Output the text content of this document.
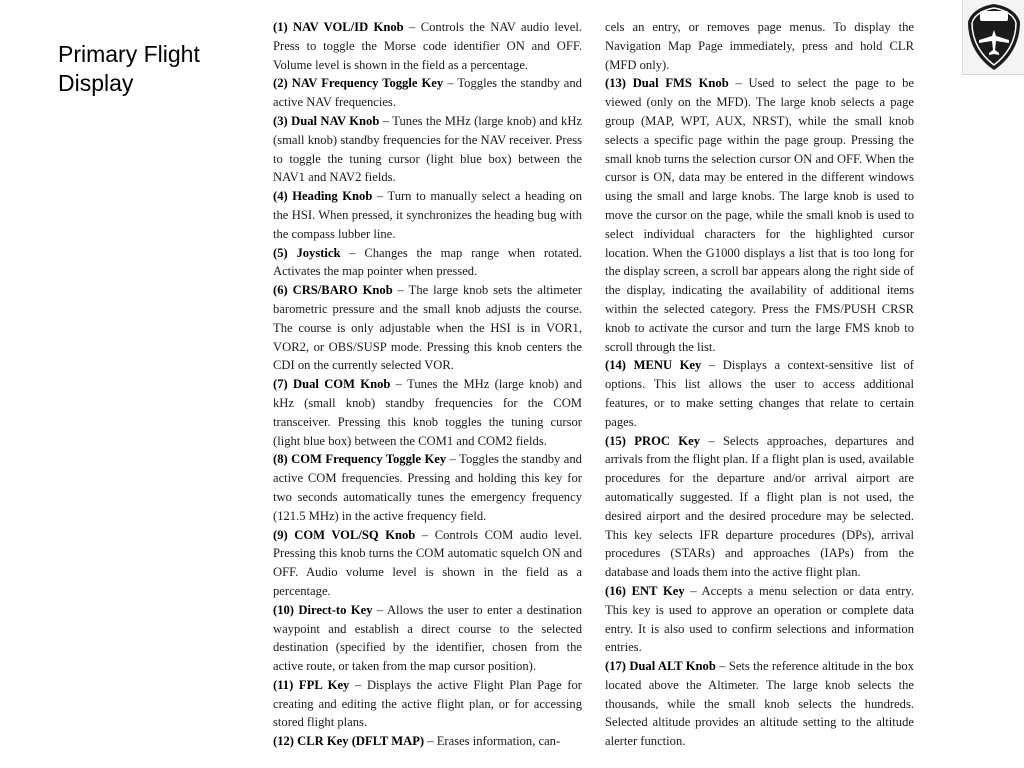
Primary Flight Display

(1) NAV VOL/ID Knob – Controls the NAV audio level. Press to toggle the Morse code identifier ON and OFF. Volume level is shown in the field as a percentage.

(2) NAV Frequency Toggle Key – Toggles the standby and active NAV frequencies.

(3) Dual NAV Knob – Tunes the MHz (large knob) and kHz (small knob) standby frequencies for the NAV receiver. Press to toggle the tuning cursor (light blue box) between the NAV1 and NAV2 fields.

(4) Heading Knob – Turn to manually select a heading on the HSI. When pressed, it synchronizes the heading bug with the compass lubber line.

(5) Joystick – Changes the map range when rotated. Activates the map pointer when pressed.

(6) CRS/BARO Knob – The large knob sets the altimeter barometric pressure and the small knob adjusts the course. The course is only adjustable when the HSI is in VOR1, VOR2, or OBS/SUSP mode. Pressing this knob centers the CDI on the currently selected VOR.

(7) Dual COM Knob – Tunes the MHz (large knob) and kHz (small knob) standby frequencies for the COM transceiver. Pressing this knob toggles the tuning cursor (light blue box) between the COM1 and COM2 fields.

(8) COM Frequency Toggle Key – Toggles the standby and active COM frequencies. Pressing and holding this key for two seconds automatically tunes the emergency frequency (121.5 MHz) in the active frequency field.

(9) COM VOL/SQ Knob – Controls COM audio level. Pressing this knob turns the COM automatic squelch ON and OFF. Audio volume level is shown in the field as a percentage.

(10) Direct-to Key – Allows the user to enter a destination waypoint and establish a direct course to the selected destination (specified by the identifier, chosen from the active route, or taken from the map cursor position).

(11) FPL Key – Displays the active Flight Plan Page for creating and editing the active flight plan, or for accessing stored flight plans.

(12) CLR Key (DFLT MAP) – Erases information, can-

cels an entry, or removes page menus. To display the Navigation Map Page immediately, press and hold CLR (MFD only).

(13) Dual FMS Knob – Used to select the page to be viewed (only on the MFD). The large knob selects a page group (MAP, WPT, AUX, NRST), while the small knob selects a specific page within the page group. Pressing the small knob turns the selection cursor ON and OFF. When the cursor is ON, data may be entered in the different windows using the small and large knobs. The large knob is used to move the cursor on the page, while the small knob is used to select individual characters for the highlighted cursor location. When the G1000 displays a list that is too long for the display screen, a scroll bar appears along the right side of the display, indicating the availability of additional items within the selected category. Press the FMS/PUSH CRSR knob to activate the cursor and turn the large FMS knob to scroll through the list.

(14) MENU Key – Displays a context-sensitive list of options. This list allows the user to access additional features, or to make setting changes that relate to certain pages.

(15) PROC Key – Selects approaches, departures and arrivals from the flight plan. If a flight plan is used, available procedures for the departure and/or arrival airport are automatically suggested. If a flight plan is not used, the desired airport and the desired procedure may be selected. This key selects IFR departure procedures (DPs), arrival procedures (STARs) and approaches (IAPs) from the database and loads them into the active flight plan.

(16) ENT Key – Accepts a menu selection or data entry. This key is used to approve an operation or complete data entry. It is also used to confirm selections and information entries.

(17) Dual ALT Knob – Sets the reference altitude in the box located above the Altimeter. The large knob selects the thousands, while the small knob selects the hundreds. Selected altitude provides an altitude setting to the altitude alerter function.
